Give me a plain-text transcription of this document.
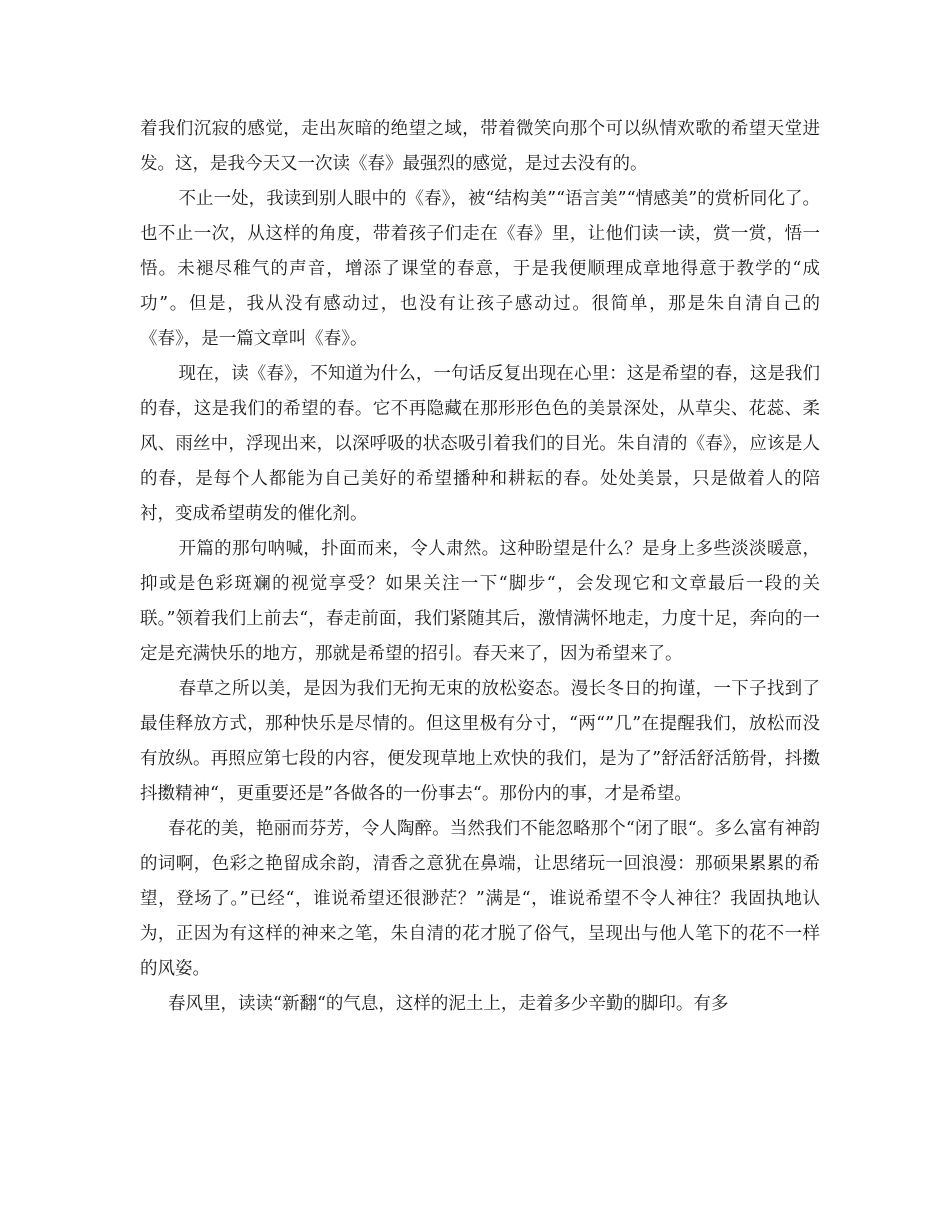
着我们沉寂的感觉，走出灰暗的绝望之域，带着微笑向那个可以纵情欢歌的希望天堂进发。这，是我今天又一次读《春》最强烈的感觉，是过去没有的。

不止一处，我读到别人眼中的《春》，被“结构美”“语言美”“情感美”的赏析同化了。也不止一次，从这样的角度，带着孩子们走在《春》里，让他们读一读，赏一赏，悟一悟。未褪尽稚气的声音，增添了课堂的春意，于是我便顺理成章地得意于教学的“成功”。但是，我从没有感动过，也没有让孩子感动过。很简单，那是朱自清自己的《春》，是一篇文章叫《春》。

现在，读《春》，不知道为什么，一句话反复出现在心里：这是希望的春，这是我们的春，这是我们的希望的春。它不再隐藏在那形形色色的美景深处，从草尖、花蕊、柔风、雨丝中，浮现出来，以深呼吸的状态吸引着我们的目光。朱自清的《春》，应该是人的春，是每个人都能为自己美好的希望播种和耕耘的春。处处美景，只是做着人的陪衬，变成希望萌发的催化剂。

开篇的那句呐喊，扑面而来，令人肃然。这种盼望是什么？是身上多些淡淡暖意，抑或是色彩斑斓的视觉享受？如果关注一下“脚步“，会发现它和文章最后一段的关联。”领着我们上前去“，春走前面，我们紧随其后，激情满怀地走，力度十足，奔向的一定是充满快乐的地方，那就是希望的招引。春天来了，因为希望来了。

春草之所以美，是因为我们无拘无束的放松姿态。漫长冬日的拘谨，一下子找到了最佳释放方式，那种快乐是尽情的。但这里极有分寸，“两“”几”在提醒我们，放松而没有放纵。再照应第七段的内容，便发现草地上欢快的我们，是为了”舒活舒活筋骨，抖擞抖擞精神“，更重要还是”各做各的一份事去“。那份内的事，才是希望。

春花的美，艳丽而芬芳，令人陶醉。当然我们不能忽略那个“闭了眼“。多么富有神韵的词啊，色彩之艳留成余韵，清香之意犹在鼻端，让思绪玩一回浪漫：那硕果累累的希望，登场了。”已经“，谁说希望还很渺茫？”满是“，谁说希望不令人神往？我固执地认为，正因为有这样的神来之笔，朱自清的花才脱了俗气，呈现出与他人笔下的花不一样的风姿。

春风里，读读“新翻“的气息，这样的泥土上，走着多少辛勤的脚印。有多
